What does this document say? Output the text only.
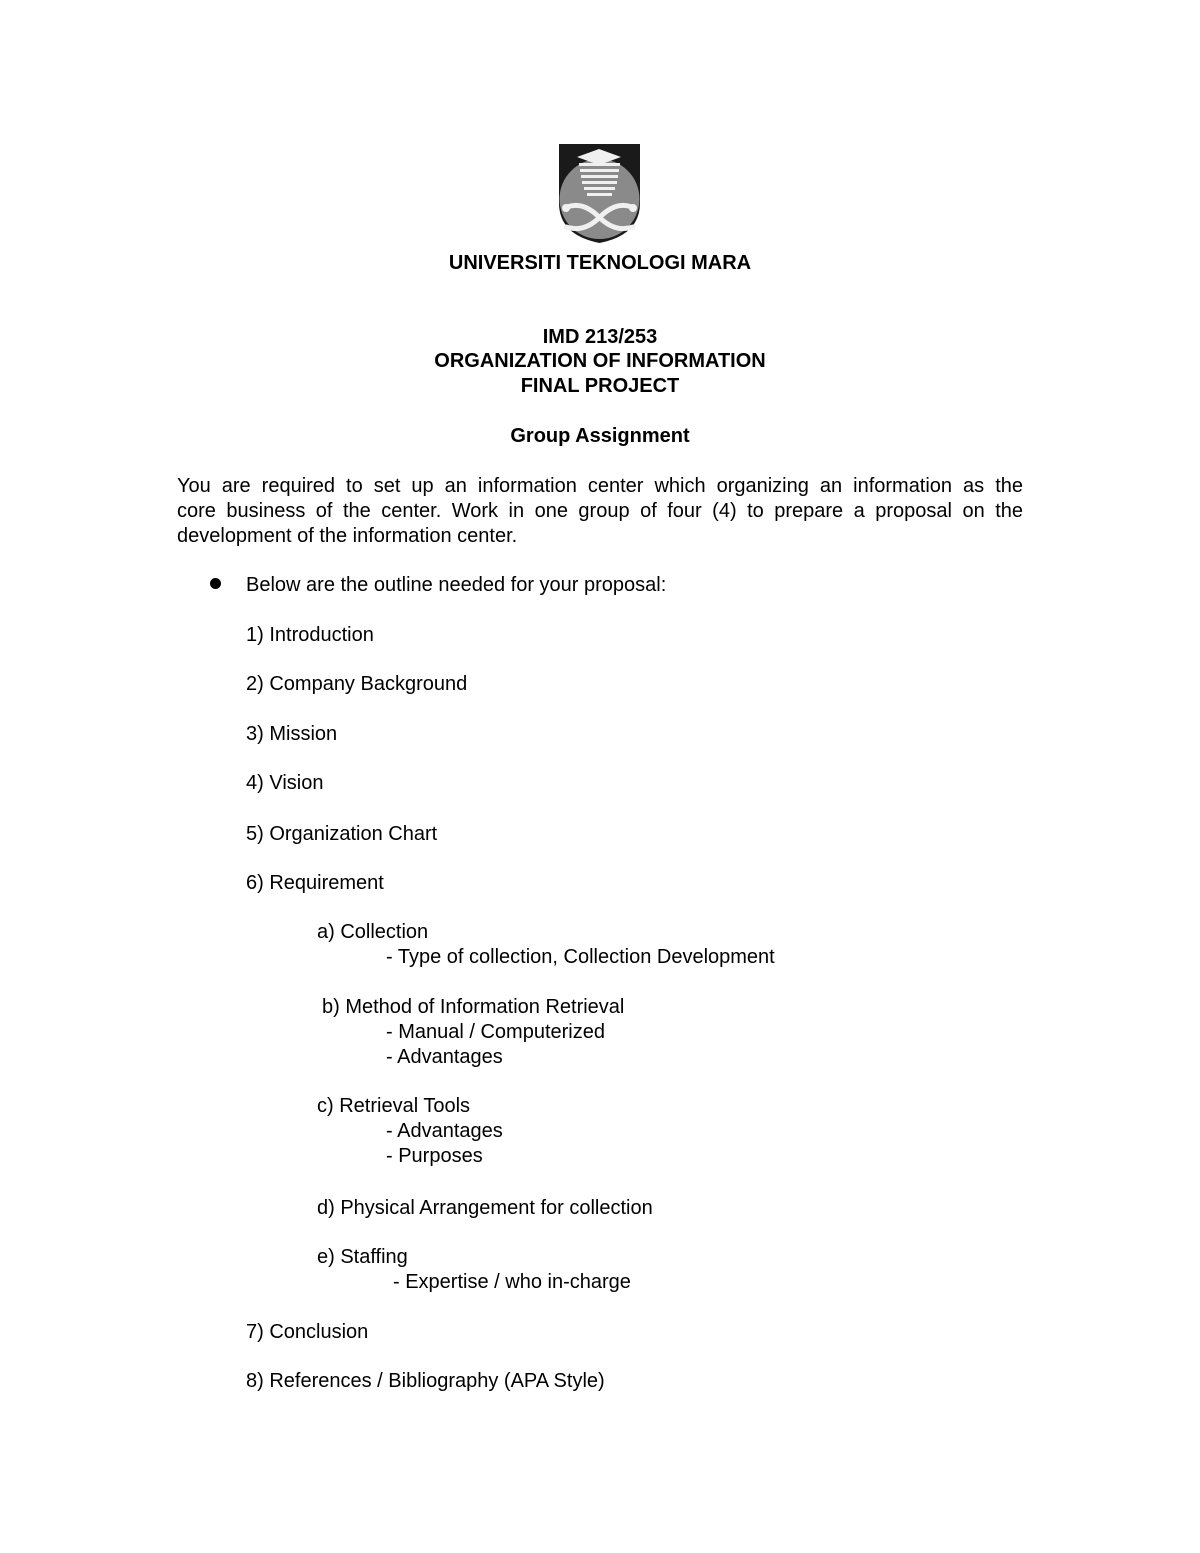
UNIVERSITI TEKNOLOGI MARA
IMD 213/253
ORGANIZATION OF INFORMATION
FINAL PROJECT
Group Assignment
You are required to set up an information center which organizing an information as the
core business of the center. Work in one group of four (4) to prepare a proposal on the
development of the information center.
Below are the outline needed for your proposal:
1) Introduction
2) Company Background
3) Mission
4) Vision
5) Organization Chart
6) Requirement
a) Collection
- Type of collection, Collection Development
b) Method of Information Retrieval
- Manual / Computerized
- Advantages
c) Retrieval Tools
- Advantages
- Purposes
d) Physical Arrangement for collection
e) Staffing
- Expertise / who in-charge
7) Conclusion
8) References / Bibliography (APA Style)
